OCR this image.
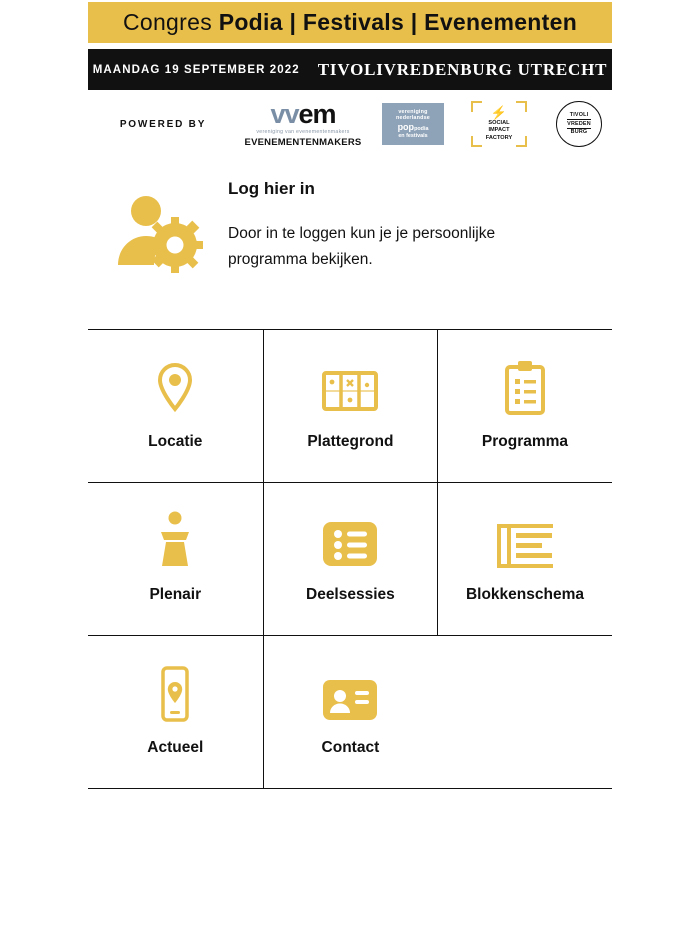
Congres Podia | Festivals | Evenementen
MAANDAG 19 SEPTEMBER 2022 TIVOLIVREDENBURG UTRECHT
POWERED BY	vvem
vereniging van evenementenmakers
EVENEMENTENMAKERS
vereniging
nederlandse
poppodia
en festivals
⚡
SOCIAL
IMPACT
FACTORY
TIVOLI
VREDEN
BURG
Log hier in
Door in te loggen kun je je persoonlijke programma bekijken.
Locatie	Plattegrond	Programma
Plenair	Deelsessies	Blokkenschema
Actueel	Contact
